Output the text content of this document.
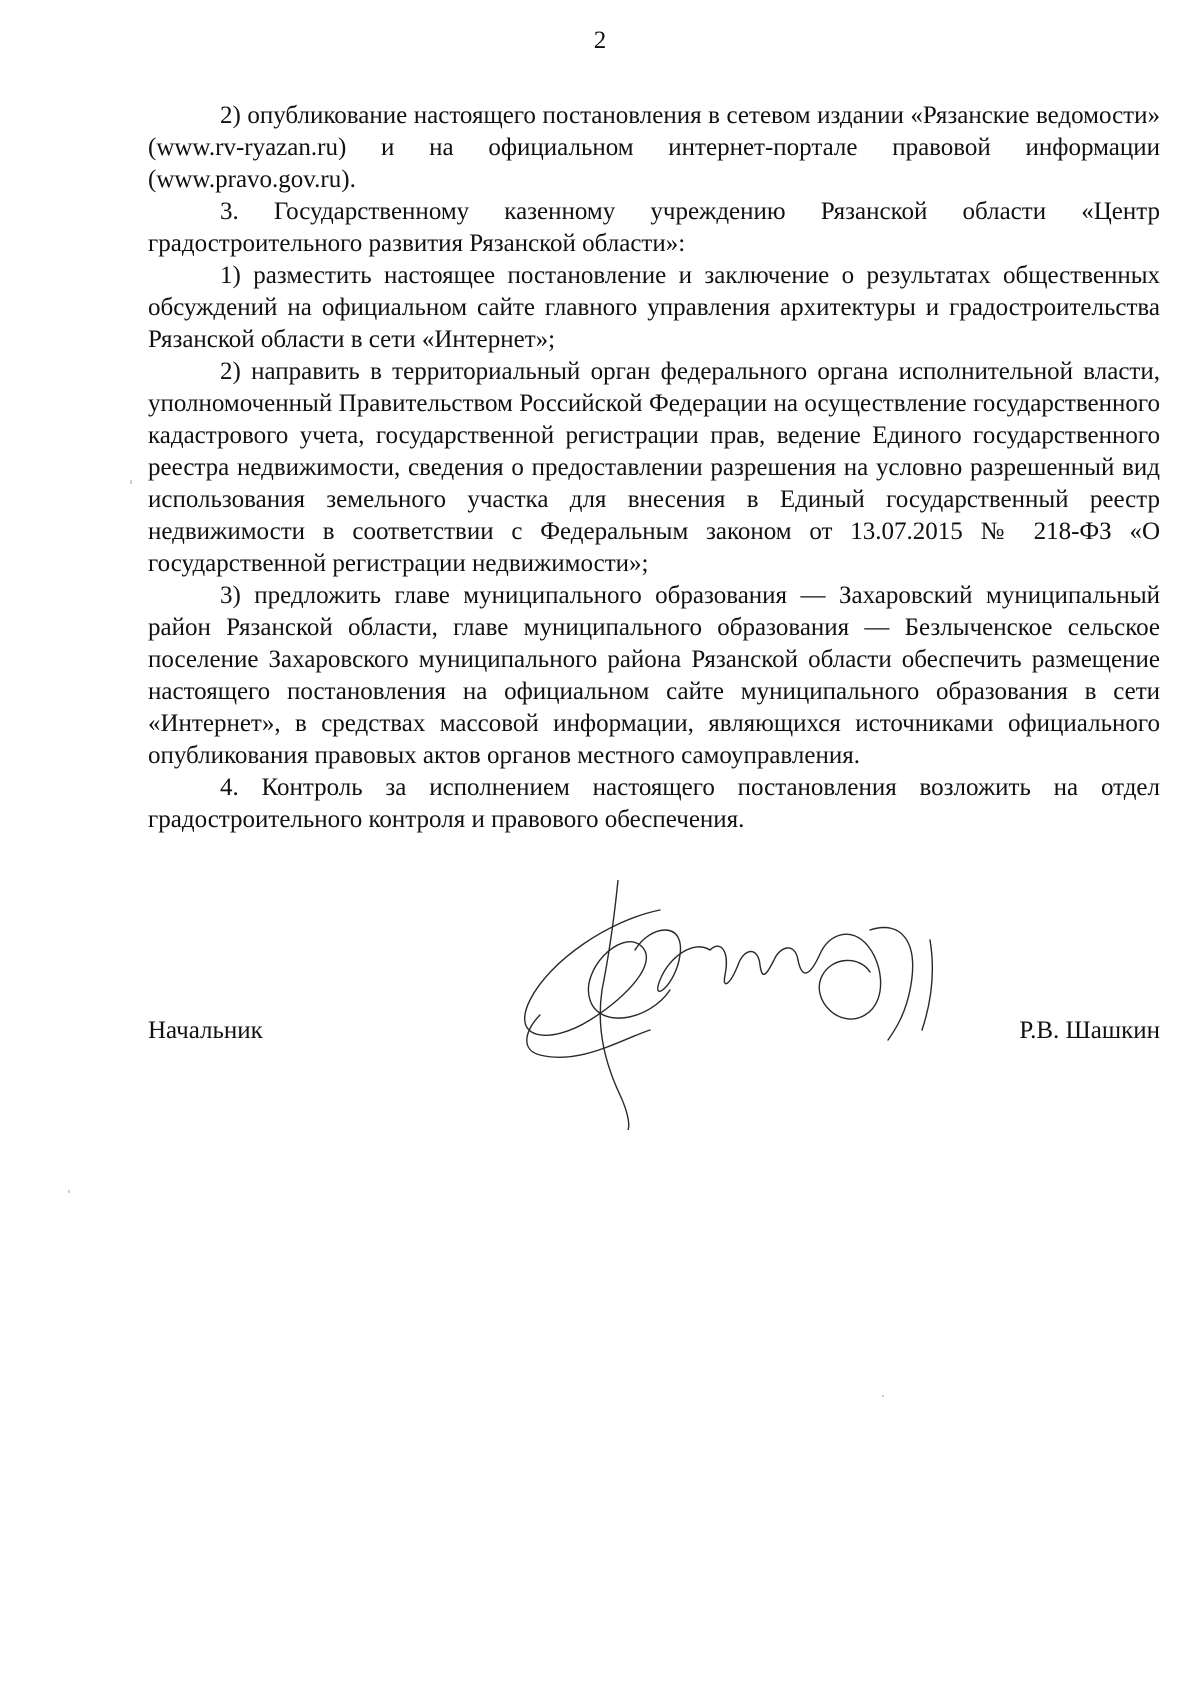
2

2) опубликование настоящего постановления в сетевом издании «Рязанские ведомости» (www.rv-ryazan.ru) и на официальном интернет-портале правовой информации (www.pravo.gov.ru).

3. Государственному казенному учреждению Рязанской области «Центр градостроительного развития Рязанской области»:

1) разместить настоящее постановление и заключение о результатах общественных обсуждений на официальном сайте главного управления архитектуры и градостроительства Рязанской области в сети «Интернет»;

2) направить в территориальный орган федерального органа исполнительной власти, уполномоченный Правительством Российской Федерации на осуществление государственного кадастрового учета, государственной регистрации прав, ведение Единого государственного реестра недвижимости, сведения о предоставлении разрешения на условно разрешенный вид использования земельного участка для внесения в Единый государственный реестр недвижимости в соответствии с Федеральным законом от 13.07.2015 № 218-ФЗ «О государственной регистрации недвижимости»;

3) предложить главе муниципального образования — Захаровский муниципальный район Рязанской области, главе муниципального образования — Безлыченское сельское поселение Захаровского муниципального района Рязанской области обеспечить размещение настоящего постановления на официальном сайте муниципального образования в сети «Интернет», в средствах массовой информации, являющихся источниками официального опубликования правовых актов органов местного самоуправления.

4. Контроль за исполнением настоящего постановления возложить на отдел градостроительного контроля и правового обеспечения.

Начальник	Р.В. Шашкин
